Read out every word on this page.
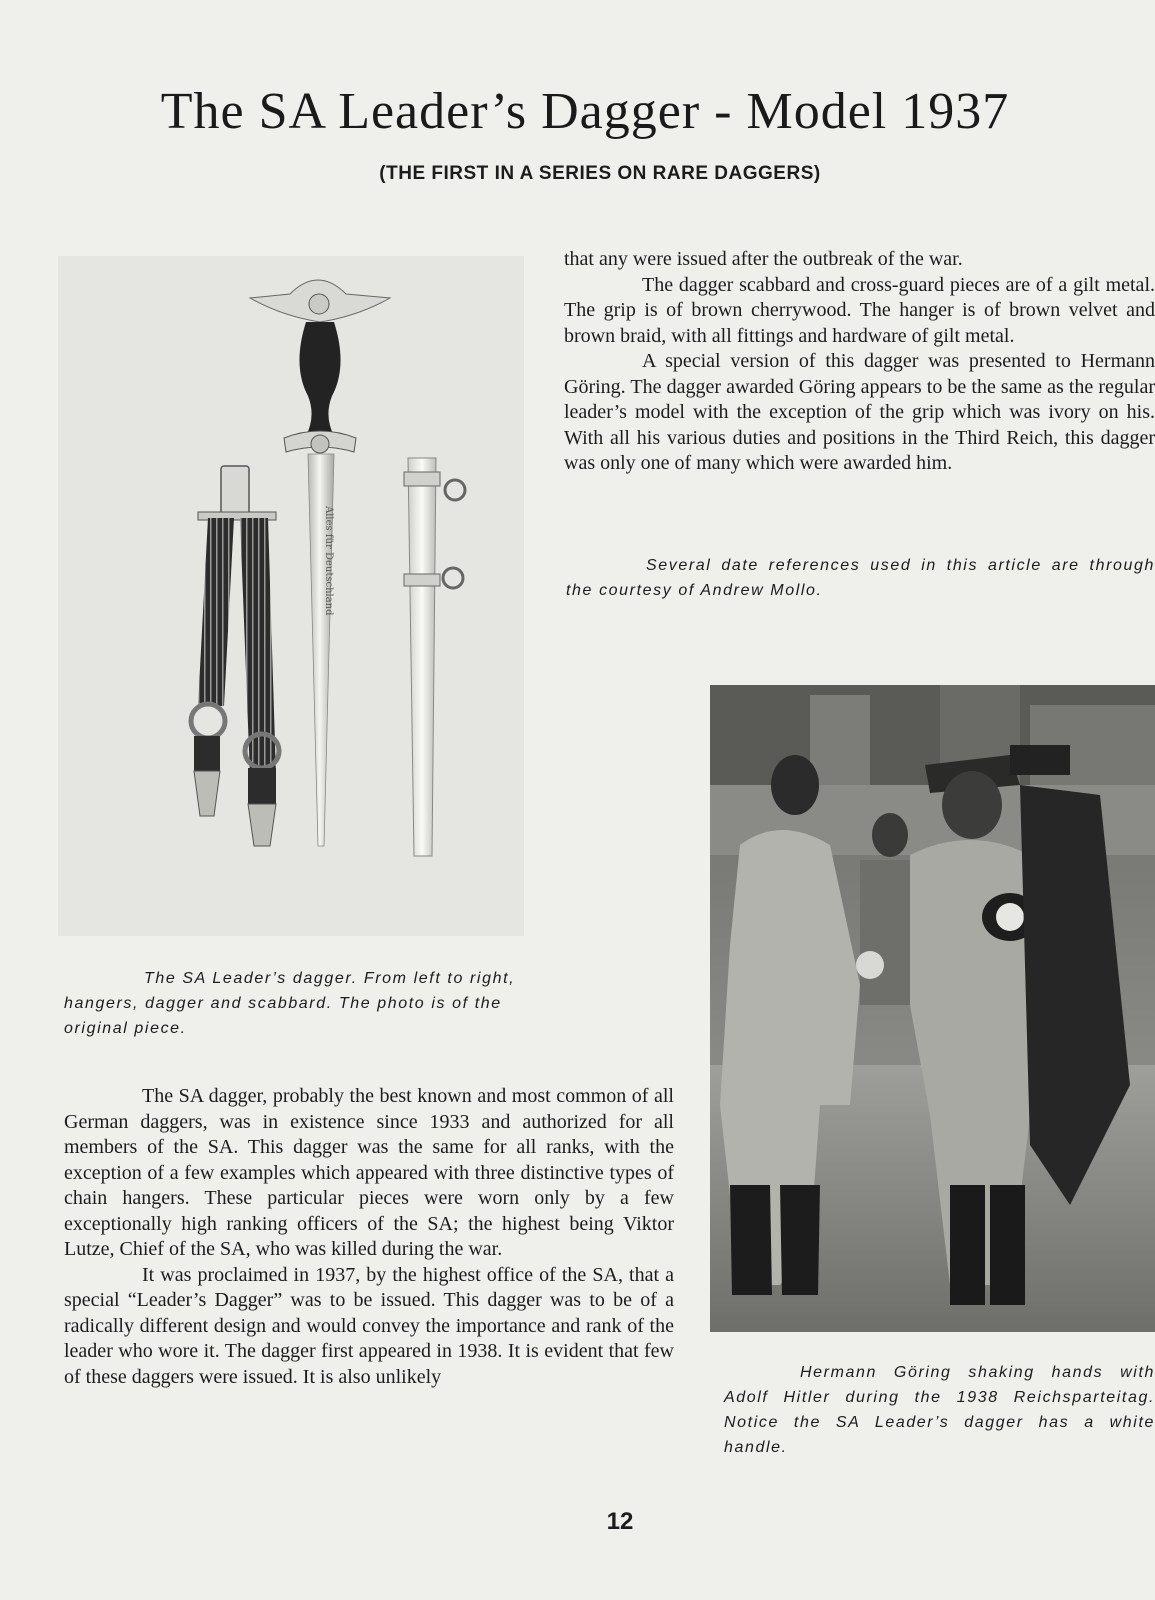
The SA Leader’s Dagger - Model 1937
(THE FIRST IN A SERIES ON RARE DAGGERS)
Alles für Deutschland
The SA Leader’s dagger. From left to right, hangers, dagger and scabbard. The photo is of the original piece.

The SA dagger, probably the best known and most common of all German daggers, was in existence since 1933 and authorized for all members of the SA. This dagger was the same for all ranks, with the exception of a few examples which appeared with three distinctive types of chain hangers. These particular pieces were worn only by a few exceptionally high ranking officers of the SA; the highest being Viktor Lutze, Chief of the SA, who was killed during the war.

It was proclaimed in 1937, by the highest office of the SA, that a special “Leader’s Dagger” was to be issued. This dagger was to be of a radically different design and would convey the importance and rank of the leader who wore it. The dagger first appeared in 1938. It is evident that few of these daggers were issued. It is also unlikely

that any were issued after the outbreak of the war.

The dagger scabbard and cross-guard pieces are of a gilt metal. The grip is of brown cherrywood. The hanger is of brown velvet and brown braid, with all fittings and hardware of gilt metal.

A special version of this dagger was presented to Hermann Göring. The dagger awarded Göring appears to be the same as the regular leader’s model with the exception of the grip which was ivory on his. With all his various duties and positions in the Third Reich, this dagger was only one of many which were awarded him.

Several date references used in this article are through the courtesy of Andrew Mollo.
Hermann Göring shaking hands with Adolf Hitler during the 1938 Reichsparteitag. Notice the SA Leader’s dagger has a white handle.
12
